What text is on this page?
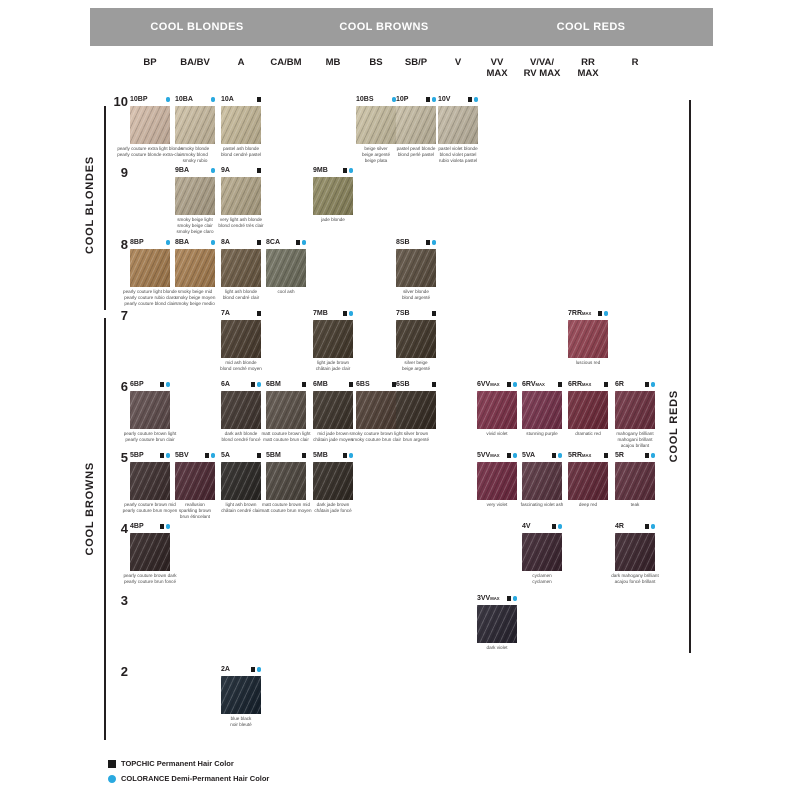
COOL BLONDES	COOL BROWNS	COOL REDS
COOL BLONDES
COOL BROWNS
COOL REDS
TOPCHIC Permanent Hair Color
COLORANCE Demi-Permanent Hair Color
BP	BA/BV	A	CA/BM	MB	BS	SB/P	V	VV
MAX
V/VA/
RV MAX
RR
MAX
R
10
9
8
7
6
5
4
3
2
10BP
pearly couture extra light blonde
pearly couture blonde extra-clair
10BA
smoky blonde
smoky blond
smoky rubio
10A
pastel ash blonde
blond cendré pastel
10BS
beige silver
beige argenté
beige plata
10P
pastel pearl blonde
blond perlé pastel
10V
pastel violet blonde
blond violet pastel
rubio violeta pastel
9BA
smoky beige light
smoky beige clair
smoky beige claro
9A
very light ash blonde
blond cendré très clair
9MB
jade blonde
8BP
pearly couture light blonde
pearly couture rubio claro
pearly couture blond clair
8BA
smoky beige mid
smoky beige moyen
smoky beige medio
8A
light ash blonde
blond cendré clair
8CA
cool ash
8SB
silver blonde
blond argenté
7A
mid ash blonde
blond cendré moyen
7MB
light jade brown
châtain jade clair
7SB
silver beige
beige argenté
7RRMAX
luscious red
6BP
pearly couture brown light
pearly couture brun clair
6A
dark ash blonde
blond cendré foncé
6BM
matt couture brown light
matt couture brun clair
6MB
mid jade brown
châtain jade moyen
6BS
smoky couture brown light
smoky couture brun clair
6SB
silver brown
brun argenté
6VVMAX
vivid violet
6RVMAX
stunning purple
6RRMAX
dramatic red
6R
mahogany brilliant
mahogani brillant
acajou brillant
5BP
pearly couture brown mid
pearly couture brun moyen
5BV
reallusion
sparkling brown
brun étincelant
5A
light ash brown
châtain cendré clair
5BM
matt couture brown mid
matt couture brun moyen
5MB
dark jade brown
châtain jade foncé
5VVMAX
very violet
5VA
fascinating violet ash
5RRMAX
deep red
5R
teak
4BP
pearly couture brown dark
pearly couture brun foncé
4V
cyclamen
cyclamen
4R
dark mahogany brilliant
acajou foncé brillant
3VVMAX
dark violet
2A
blue black
noir bleuté
